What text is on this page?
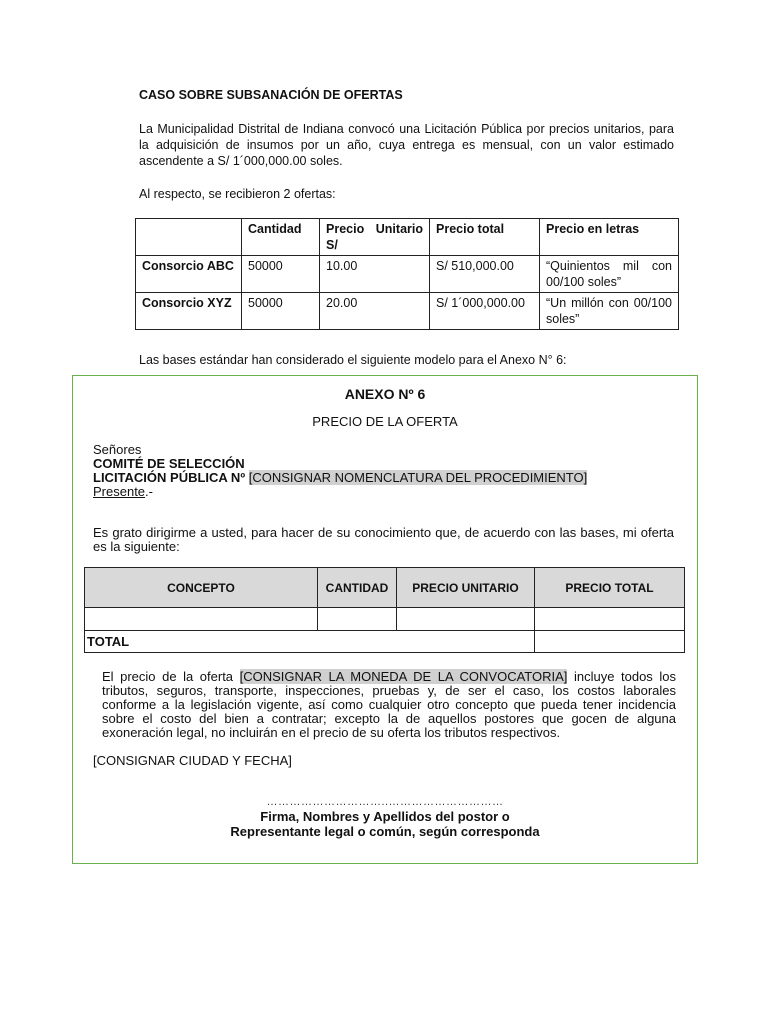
CASO SOBRE SUBSANACIÓN DE OFERTAS
La Municipalidad Distrital de Indiana convocó una Licitación Pública por precios unitarios, para la adquisición de insumos por un año, cuya entrega es mensual, con un valor estimado ascendente a S/ 1´000,000.00 soles.
Al respecto, se recibieron 2 ofertas:
	Cantidad	Precio Unitario S/	Precio total	Precio en letras
Consorcio ABC	50000	10.00	S/ 510,000.00	“Quinientos mil con 00/100 soles”
Consorcio XYZ	50000	20.00	S/ 1´000,000.00	“Un millón con 00/100 soles”
Las bases estándar han considerado el siguiente modelo para el Anexo N° 6:
ANEXO Nº 6
PRECIO DE LA OFERTA
Señores
COMITÉ DE SELECCIÓN
LICITACIÓN PÚBLICA Nº [CONSIGNAR NOMENCLATURA DEL PROCEDIMIENTO]
Presente.-
Es grato dirigirme a usted, para hacer de su conocimiento que, de acuerdo con las bases, mi oferta es la siguiente:
CONCEPTO	CANTIDAD	PRECIO UNITARIO	PRECIO TOTAL

TOTAL			
El precio de la oferta [CONSIGNAR LA MONEDA DE LA CONVOCATORIA] incluye todos los tributos, seguros, transporte, inspecciones, pruebas y, de ser el caso, los costos laborales conforme a la legislación vigente, así como cualquier otro concepto que pueda tener incidencia sobre el costo del bien a contratar; excepto la de aquellos postores que gocen de alguna exoneración legal, no incluirán en el precio de su oferta los tributos respectivos.
[CONSIGNAR CIUDAD Y FECHA]
…………………………..…………………………
Firma, Nombres y Apellidos del postor o
Representante legal o común, según corresponda
